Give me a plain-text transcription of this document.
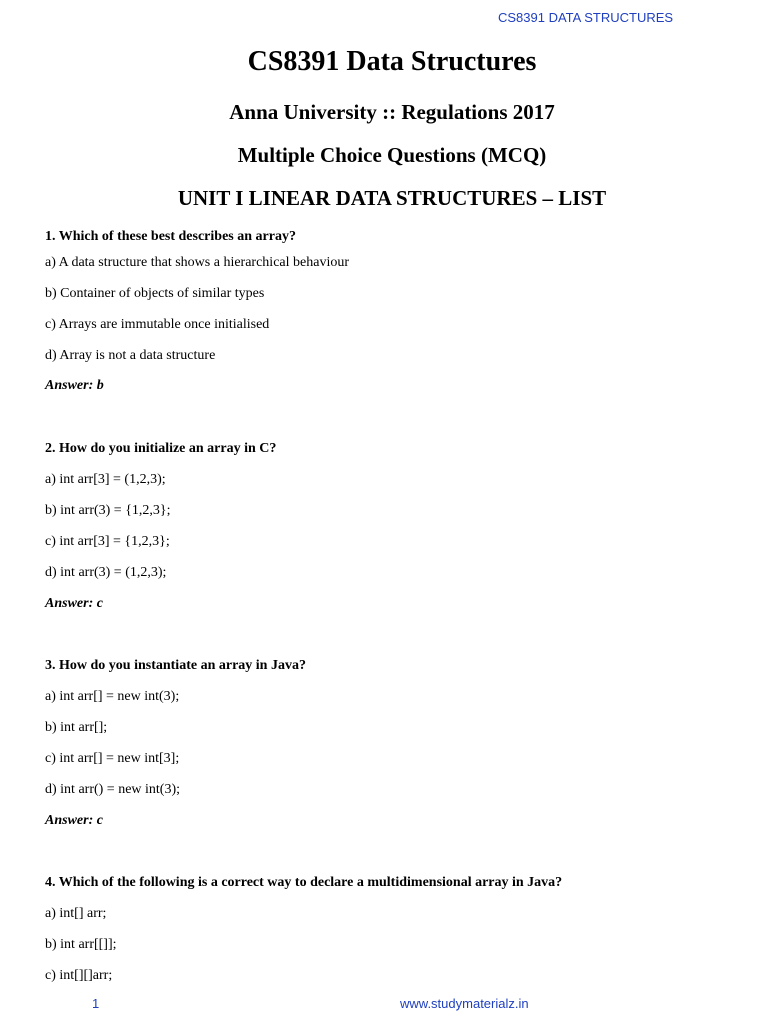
CS8391 DATA STRUCTURES
CS8391 Data Structures
Anna University :: Regulations 2017
Multiple Choice Questions (MCQ)
UNIT I LINEAR DATA STRUCTURES – LIST
1. Which of these best describes an array?
a) A data structure that shows a hierarchical behaviour
b) Container of objects of similar types
c) Arrays are immutable once initialised
d) Array is not a data structure
Answer: b
2. How do you initialize an array in C?
a) int arr[3] = (1,2,3);
b) int arr(3) = {1,2,3};
c) int arr[3] = {1,2,3};
d) int arr(3) = (1,2,3);
Answer: c
3. How do you instantiate an array in Java?
a) int arr[] = new int(3);
b) int arr[];
c) int arr[] = new int[3];
d) int arr() = new int(3);
Answer: c
4. Which of the following is a correct way to declare a multidimensional array in Java?
a) int[] arr;
b) int arr[[]];
c) int[][]arr;
1	www.studymaterialz.in
